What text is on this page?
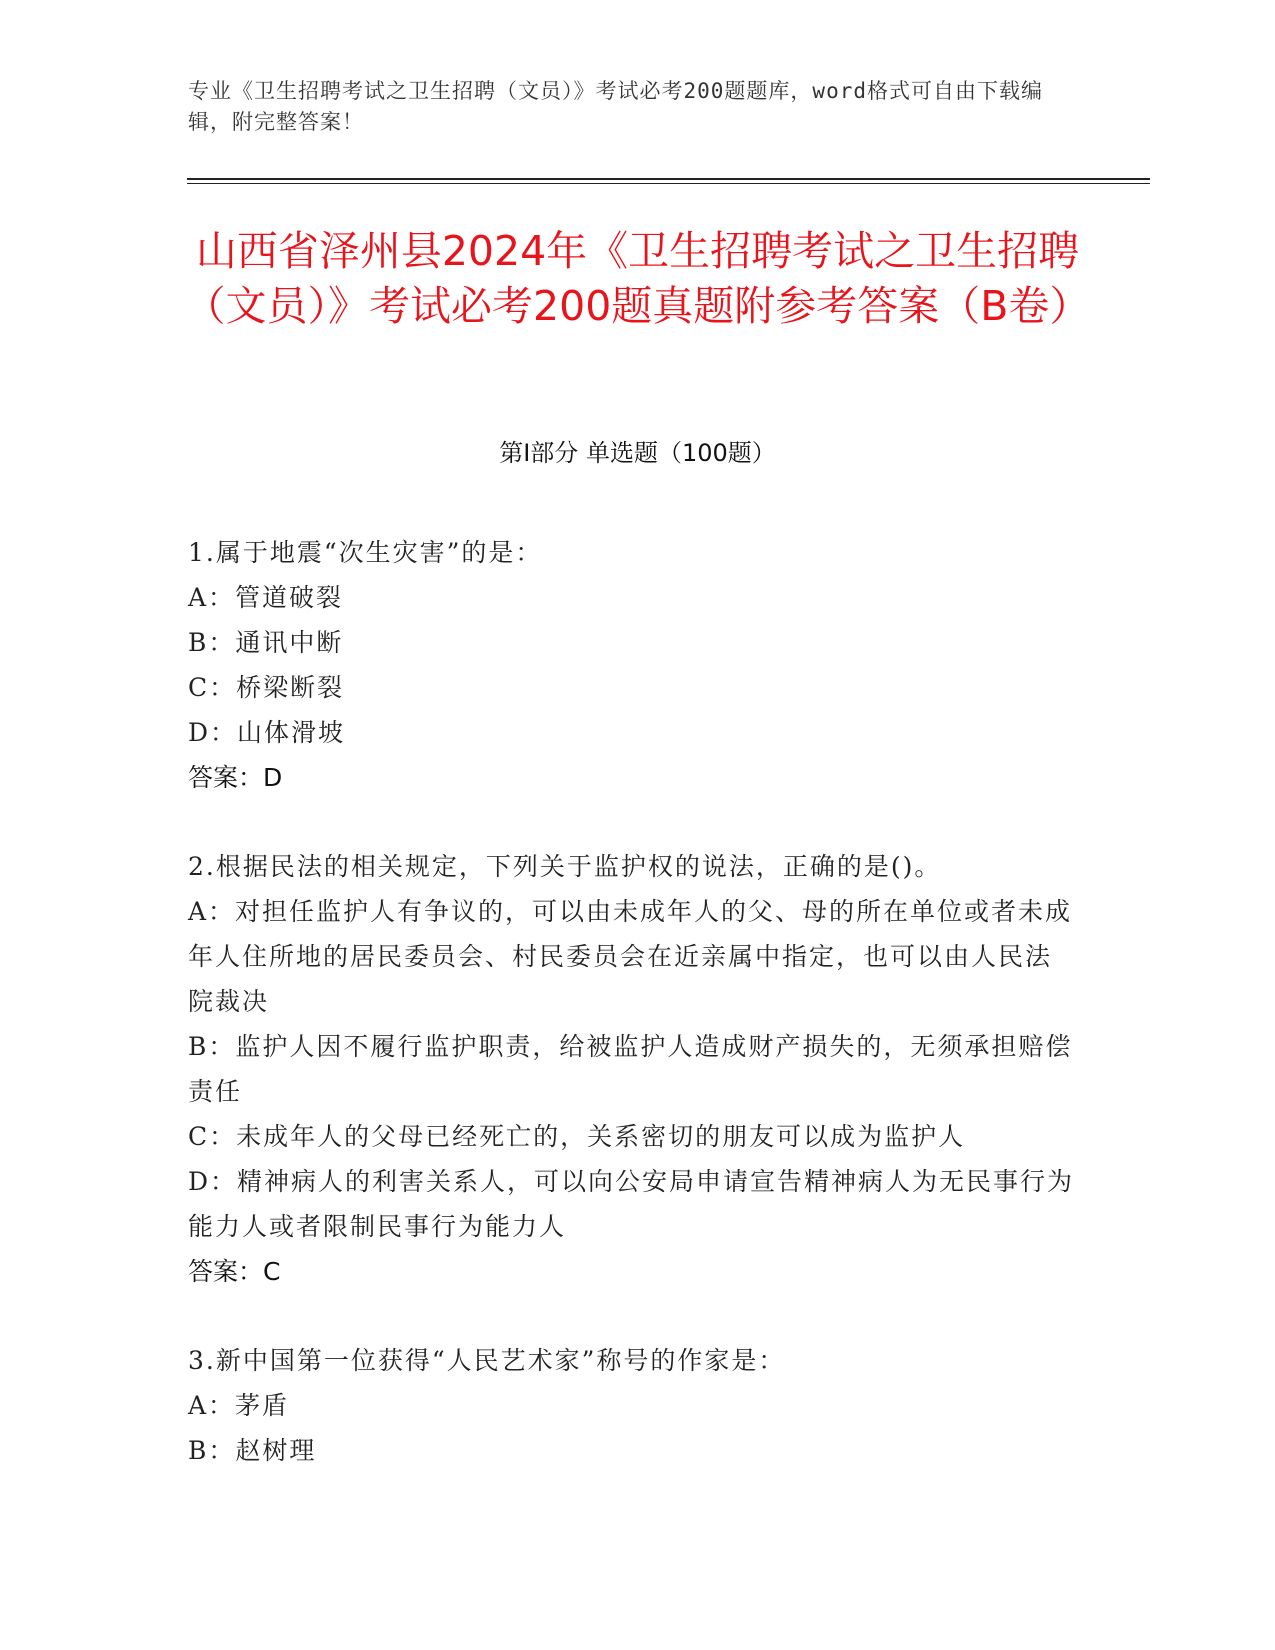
专业《卫生招聘考试之卫生招聘（文员）》考试必考200题题库，word格式可自由下载编辑，附完整答案！
山西省泽州县2024年《卫生招聘考试之卫生招聘（文员）》考试必考200题真题附参考答案（B卷）
第Ⅰ部分 单选题（100题）
1.属于地震“次生灾害”的是：
A：管道破裂
B：通讯中断
C：桥梁断裂
D：山体滑坡
答案：D
2.根据民法的相关规定，下列关于监护权的说法，正确的是()。
A：对担任监护人有争议的，可以由未成年人的父、母的所在单位或者未成年人住所地的居民委员会、村民委员会在近亲属中指定，也可以由人民法院裁决
B：监护人因不履行监护职责，给被监护人造成财产损失的，无须承担赔偿责任
C：未成年人的父母已经死亡的，关系密切的朋友可以成为监护人
D：精神病人的利害关系人，可以向公安局申请宣告精神病人为无民事行为能力人或者限制民事行为能力人
答案：C
3.新中国第一位获得“人民艺术家”称号的作家是：
A：茅盾
B：赵树理
